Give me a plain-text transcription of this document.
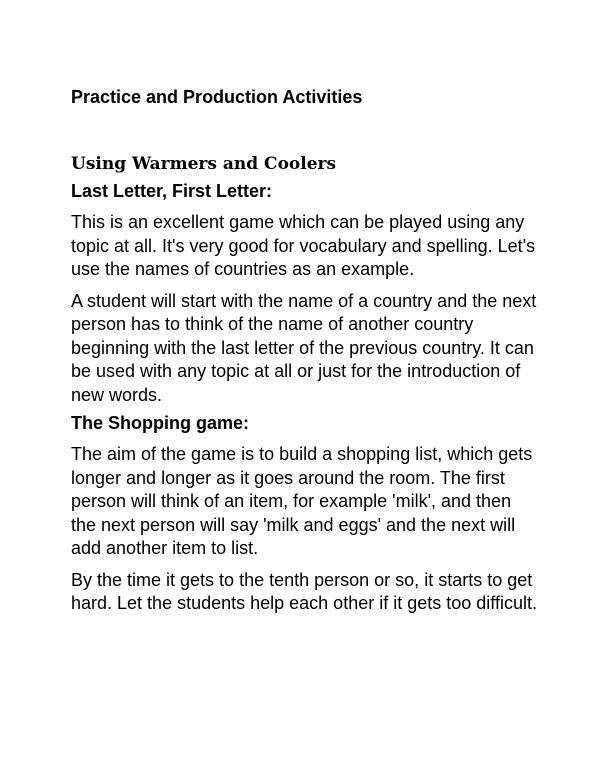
Practice and Production Activities
Using Warmers and Coolers
Last Letter, First Letter:

This is an excellent game which can be played using any topic at all. It's very good for vocabulary and spelling. Let's use the names of countries as an example.

A student will start with the name of a country and the next person has to think of the name of another country beginning with the last letter of the previous country. It can be used with any topic at all or just for the introduction of new words.

The Shopping game:

The aim of the game is to build a shopping list, which gets longer and longer as it goes around the room. The first person will think of an item, for example 'milk', and then the next person will say 'milk and eggs' and the next will add another item to list.

By the time it gets to the tenth person or so, it starts to get hard. Let the students help each other if it gets too difficult.
